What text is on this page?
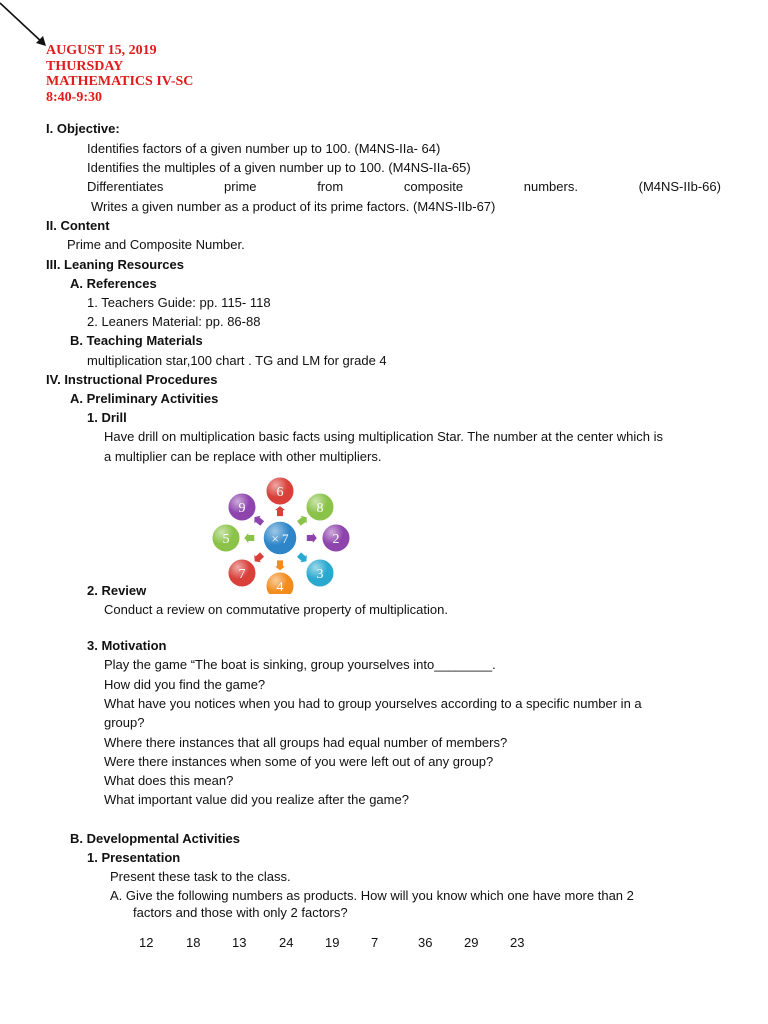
AUGUST 15, 2019
THURSDAY
MATHEMATICS IV-SC
8:40-9:30
I. Objective:
Identifies factors of a given number up to 100. (M4NS-IIa- 64)
Identifies the multiples of a given number up to 100. (M4NS-IIa-65)
Differentiates	prime	from	composite	numbers.	(M4NS-IIb-66)
Writes a given number as a product of its prime factors. (M4NS-IIb-67)
II. Content
Prime and Composite Number.
III. Leaning Resources
A. References
1. Teachers Guide: pp. 115- 118
2. Leaners Material: pp. 86-88
B. Teaching Materials
multiplication star,100 chart . TG and LM for grade 4
IV. Instructional Procedures
A. Preliminary Activities
1. Drill
Have drill on multiplication basic facts using multiplication Star. The number at the center which is
a multiplier can be replace with other multipliers.
6
8
2
3
4
7
5
9
× 7
2. Review
Conduct a review on commutative property of multiplication.
3. Motivation
Play the game “The boat is sinking, group yourselves into________.
How did you find the game?
What have you notices when you had to group yourselves according to a specific number in a
group?
Where there instances that all groups had equal number of members?
Were there instances when some of you were left out of any group?
What does this mean?
What important value did you realize after the game?
B. Developmental Activities
1. Presentation
Present these task to the class.
A. Give the following numbers as products. How will you know which one have more than 2
factors and those with only 2 factors?
12	18 13	24 19 7	36 29 23
